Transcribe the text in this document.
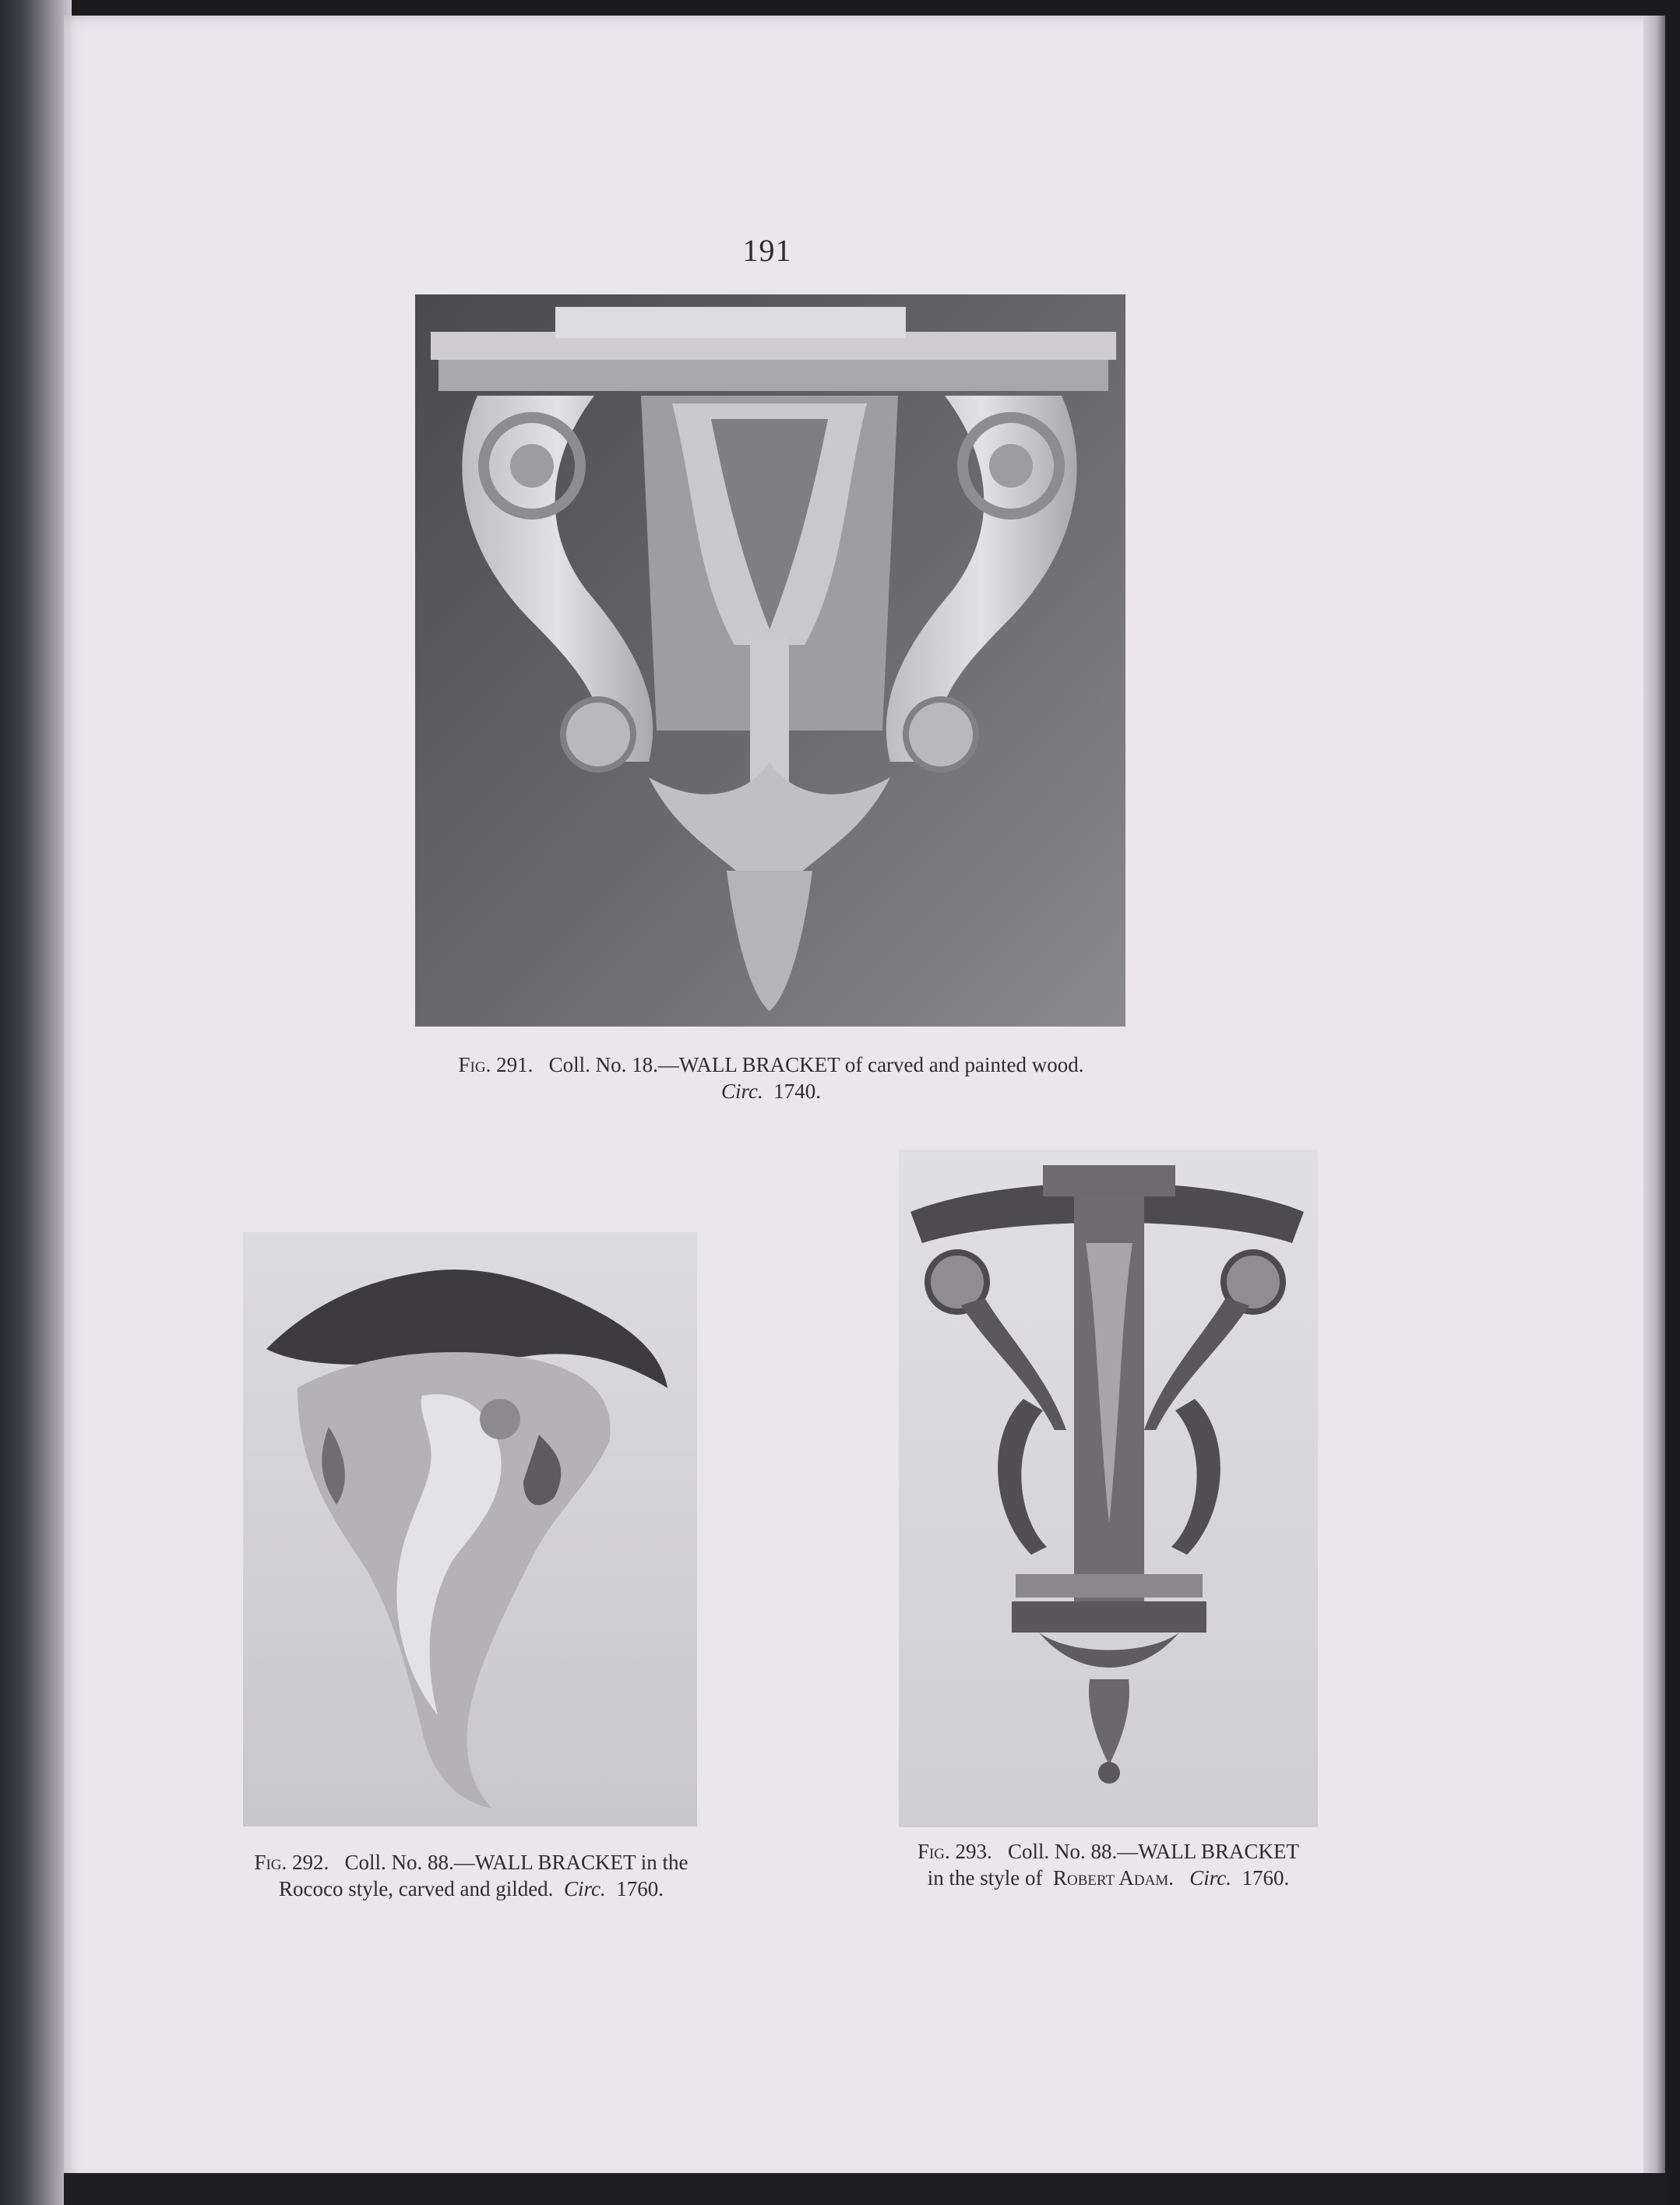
191
Fig. 291. Coll. No. 18.—WALL BRACKET of carved and painted wood.
Circ. 1740.
Fig. 292. Coll. No. 88.—WALL BRACKET in the
Rococo style, carved and gilded. Circ. 1760.
Fig. 293. Coll. No. 88.—WALL BRACKET
in the style of Robert Adam. Circ. 1760.
